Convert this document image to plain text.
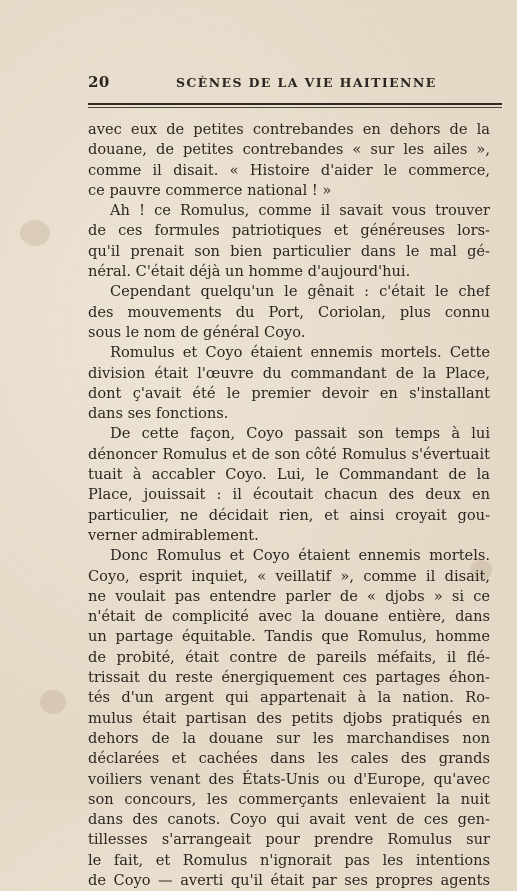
20	SCÈNES DE LA VIE HAITIENNE
avec eux de petites contrebandes en dehors de la
douane, de petites contrebandes « sur les ailes »,
comme il disait. « Histoire d'aider le commerce,
ce pauvre commerce national ! »
Ah ! ce Romulus, comme il savait vous trouver
de ces formules patriotiques et généreuses lors-
qu'il prenait son bien particulier dans le mal gé-
néral. C'était déjà un homme d'aujourd'hui.
Cependant quelqu'un le gênait : c'était le chef
des mouvements du Port, Coriolan, plus connu
sous le nom de général Coyo.
Romulus et Coyo étaient ennemis mortels. Cette
division était l'œuvre du commandant de la Place,
dont ç'avait été le premier devoir en s'installant
dans ses fonctions.
De cette façon, Coyo passait son temps à lui
dénoncer Romulus et de son côté Romulus s'évertuait
tuait à accabler Coyo. Lui, le Commandant de la
Place, jouissait : il écoutait chacun des deux en
particulier, ne décidait rien, et ainsi croyait gou-
verner admirablement.
Donc Romulus et Coyo étaient ennemis mortels.
Coyo, esprit inquiet, « veillatif », comme il disait,
ne voulait pas entendre parler de « djobs » si ce
n'était de complicité avec la douane entière, dans
un partage équitable. Tandis que Romulus, homme
de probité, était contre de pareils méfaits, il flé-
trissait du reste énergiquement ces partages éhon-
tés d'un argent qui appartenait à la nation. Ro-
mulus était partisan des petits djobs pratiqués en
dehors de la douane sur les marchandises non
déclarées et cachées dans les cales des grands
voiliers venant des États-Unis ou d'Europe, qu'avec
son concours, les commerçants enlevaient la nuit
dans des canots. Coyo qui avait vent de ces gen-
tillesses s'arrangeait pour prendre Romulus sur
le fait, et Romulus n'ignorait pas les intentions
de Coyo — averti qu'il était par ses propres agents
